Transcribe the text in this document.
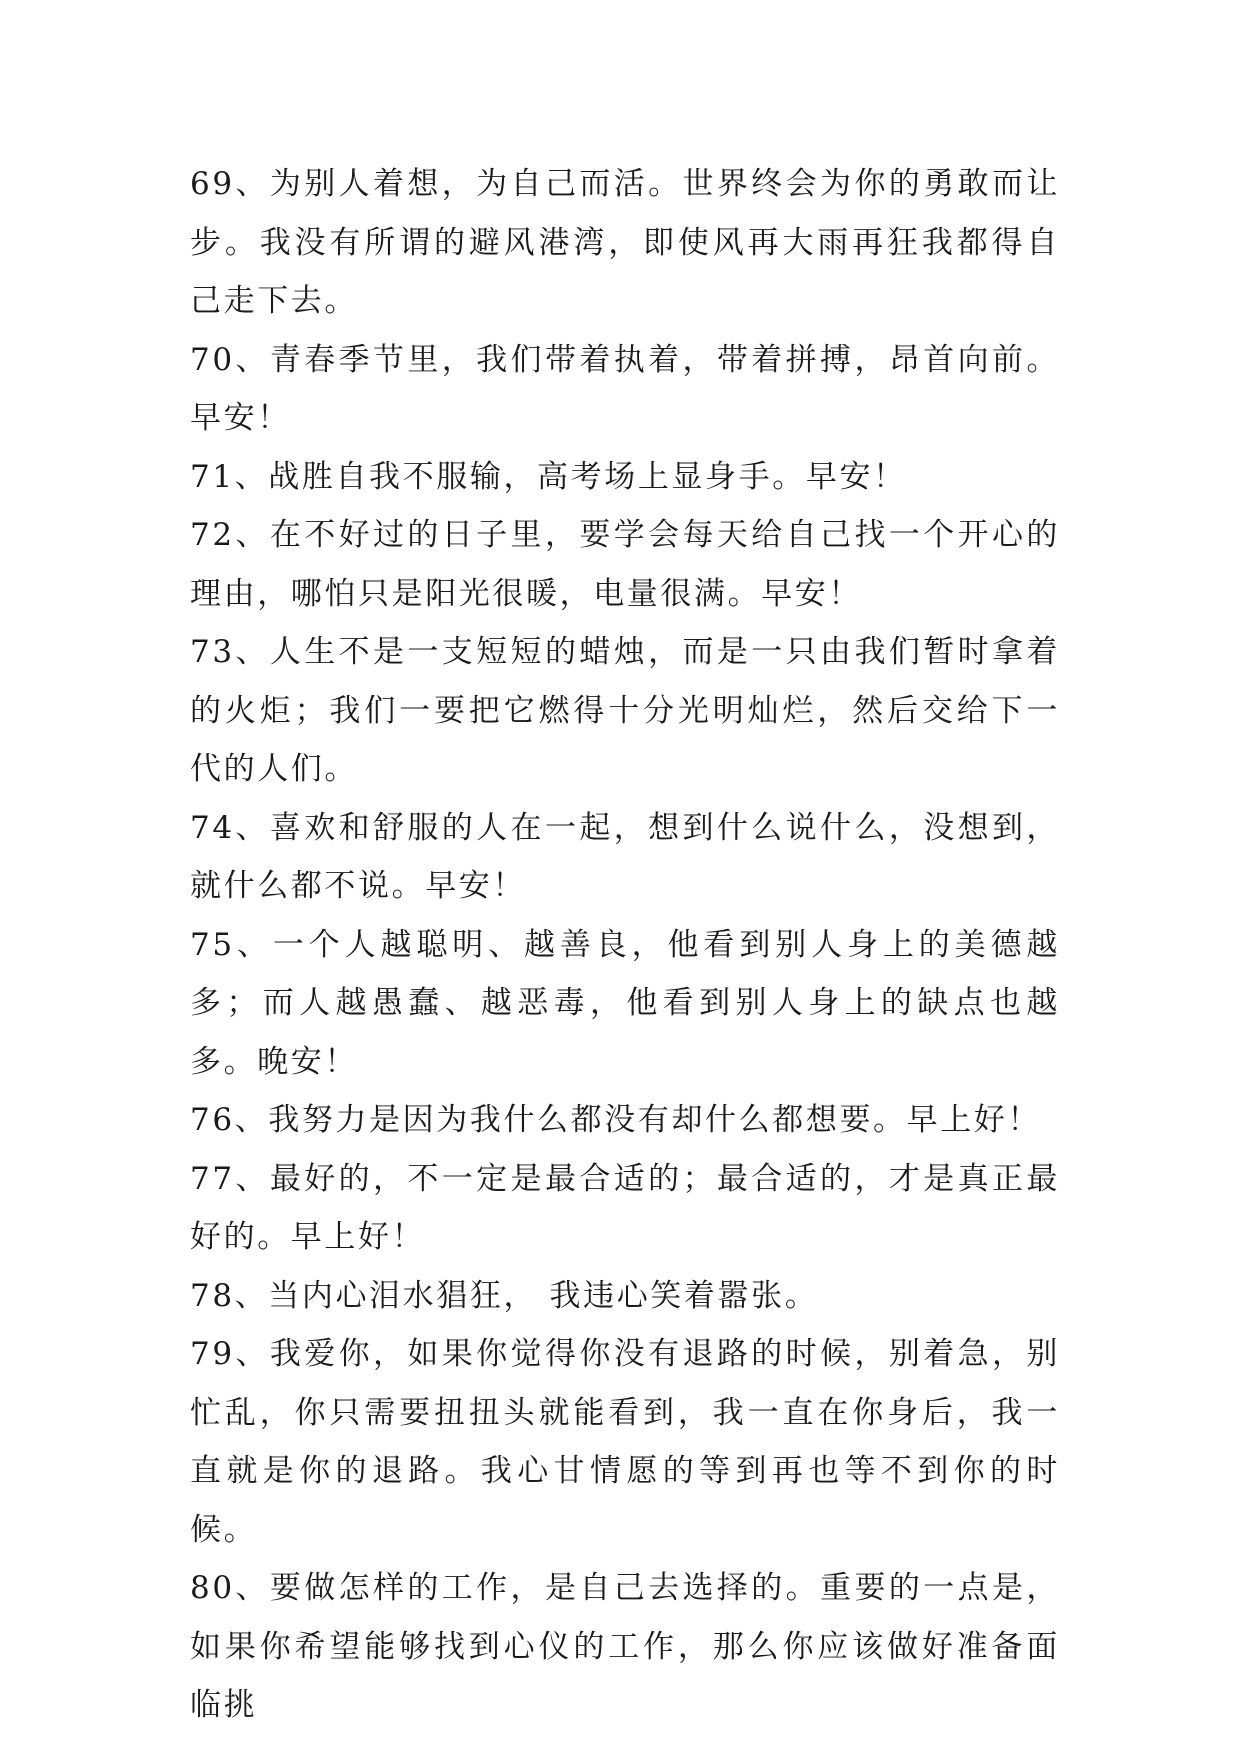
69、为别人着想，为自己而活。世界终会为你的勇敢而让步。我没有所谓的避风港湾，即使风再大雨再狂我都得自己走下去。

70、青春季节里，我们带着执着，带着拼搏，昂首向前。早安！

71、战胜自我不服输，高考场上显身手。早安！

72、在不好过的日子里，要学会每天给自己找一个开心的理由，哪怕只是阳光很暖，电量很满。早安！

73、人生不是一支短短的蜡烛，而是一只由我们暂时拿着的火炬；我们一要把它燃得十分光明灿烂，然后交给下一代的人们。

74、喜欢和舒服的人在一起，想到什么说什么，没想到，就什么都不说。早安！

75、一个人越聪明、越善良，他看到别人身上的美德越多；而人越愚蠢、越恶毒，他看到别人身上的缺点也越多。晚安！

76、我努力是因为我什么都没有却什么都想要。早上好！

77、最好的，不一定是最合适的；最合适的，才是真正最好的。早上好！

78、当内心泪水猖狂， 我违心笑着嚣张。

79、我爱你，如果你觉得你没有退路的时候，别着急，别忙乱，你只需要扭扭头就能看到，我一直在你身后，我一直就是你的退路。我心甘情愿的等到再也等不到你的时候。

80、要做怎样的工作，是自己去选择的。重要的一点是，如果你希望能够找到心仪的工作，那么你应该做好准备面临挑
